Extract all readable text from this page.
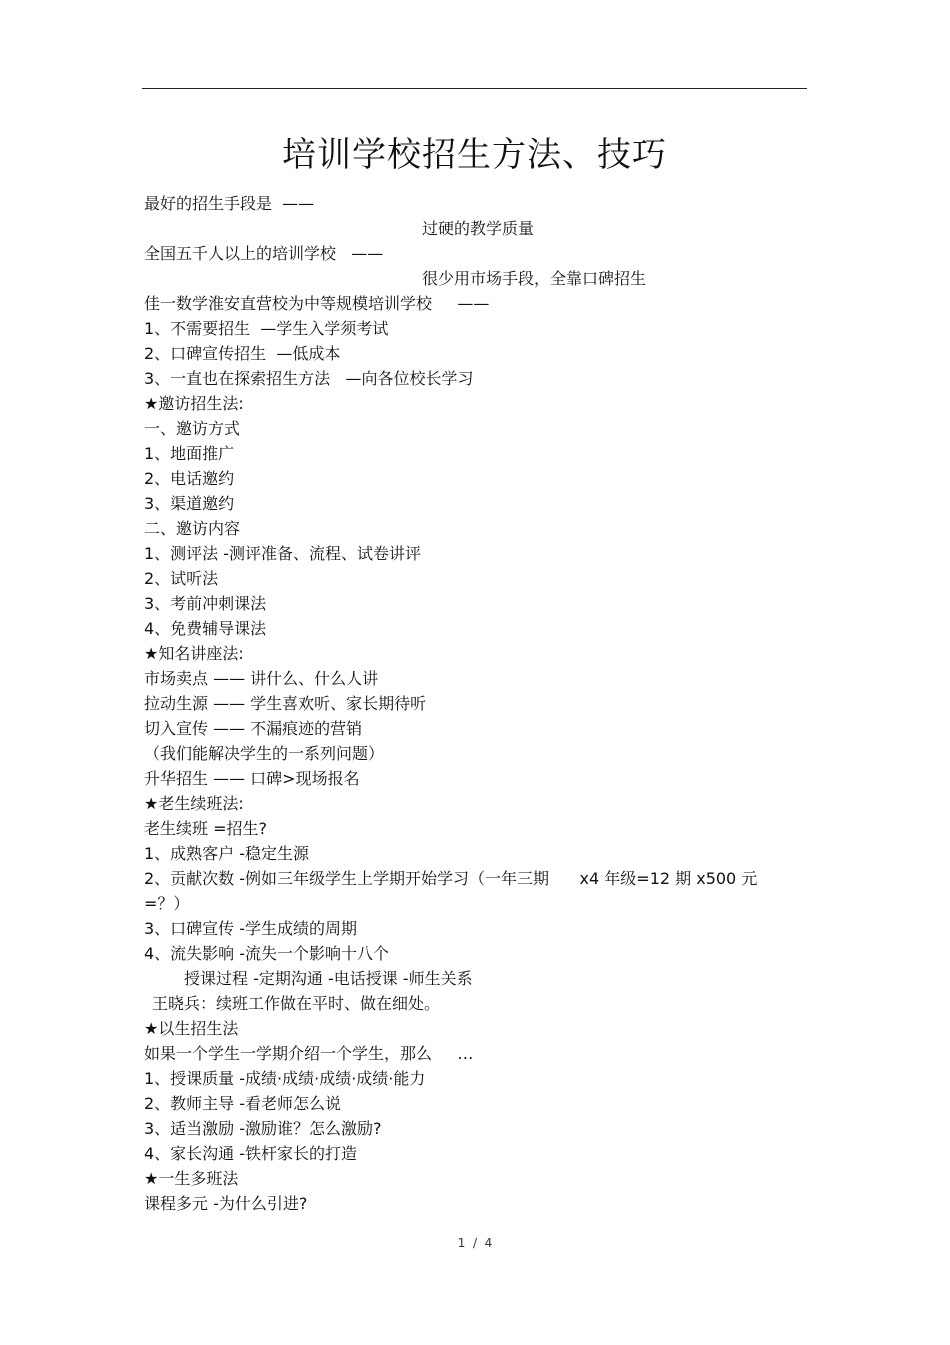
培训学校招生方法、技巧
最好的招生手段是  ——
过硬的教学质量
全国五千人以上的培训学校   ——
很少用市场手段，全靠口碑招生
佳一数学淮安直营校为中等规模培训学校     ——
1、不需要招生  —学生入学须考试
2、口碑宣传招生  —低成本
3、一直也在探索招生方法   —向各位校长学习
★邀访招生法:
一、邀访方式
1、地面推广
2、电话邀约
3、渠道邀约
二、邀访内容
1、测评法 -测评准备、流程、试卷讲评
2、试听法
3、考前冲刺课法
4、免费辅导课法
★知名讲座法:
市场卖点 —— 讲什么、什么人讲
拉动生源 —— 学生喜欢听、家长期待听
切入宣传 —— 不漏痕迹的营销
（我们能解决学生的一系列问题）
升华招生 —— 口碑>现场报名
★老生续班法:
老生续班 =招生?
1、成熟客户 -稳定生源
2、贡献次数 -例如三年级学生上学期开始学习（一年三期      x4 年级=12 期 x500 元
=？）
3、口碑宣传 -学生成绩的周期
4、流失影响 -流失一个影响十八个
授课过程 -定期沟通 -电话授课 -师生关系
王晓兵：续班工作做在平时、做在细处。
★以生招生法
如果一个学生一学期介绍一个学生，那么     …
1、授课质量 -成绩·成绩·成绩·成绩·能力
2、教师主导 -看老师怎么说
3、适当激励 -激励谁？怎么激励?
4、家长沟通 -铁杆家长的打造
★一生多班法
课程多元 -为什么引进?
1  /  4
